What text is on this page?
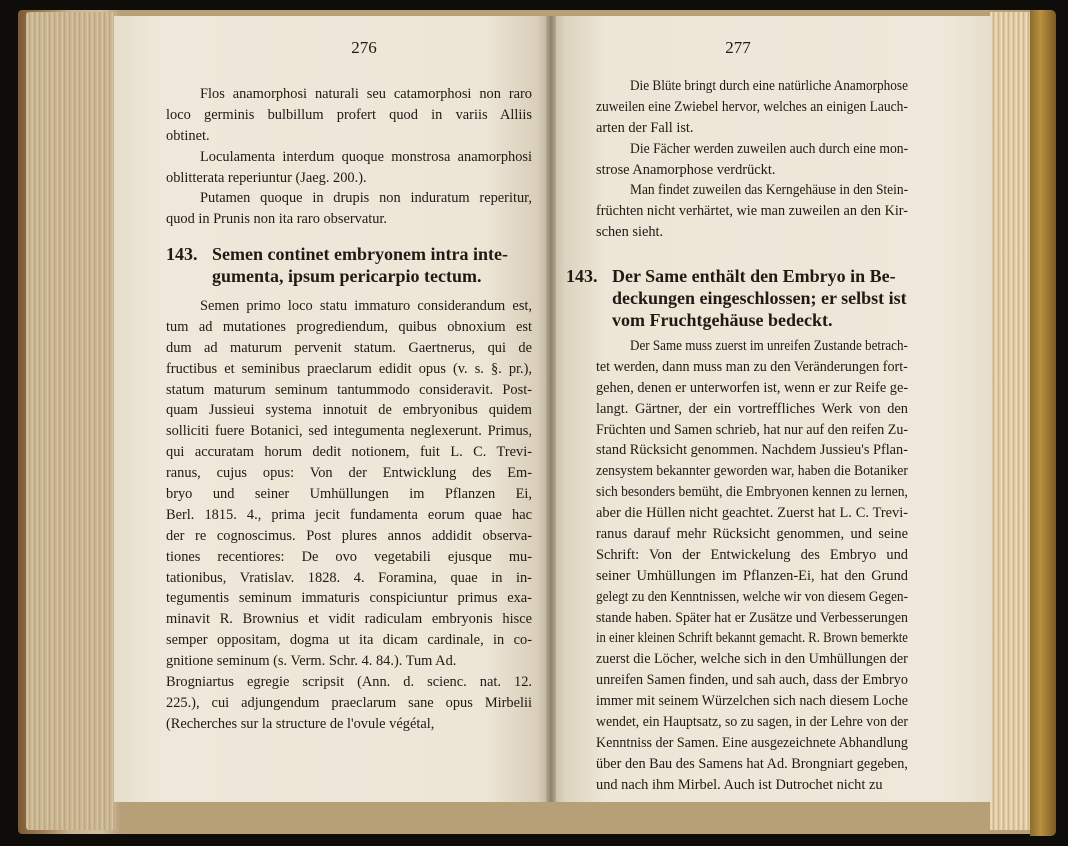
276
Flos anamorphosi naturali seu catamorphosi non raro
loco germinis bulbillum profert quod in variis Alliis
obtinet.
Loculamenta interdum quoque monstrosa anamorphosi
oblitterata reperiuntur (Jaeg. 200.).
Putamen quoque in drupis non induratum reperitur,
quod in Prunis non ita raro observatur.
143. Semen continet embryonem intra inte-
gumenta, ipsum pericarpio tectum.
Semen primo loco statu immaturo considerandum est,
tum ad mutationes progrediendum, quibus obnoxium est
dum ad maturum pervenit statum. Gaertnerus, qui de
fructibus et seminibus praeclarum edidit opus (v. s. §. pr.),
statum maturum seminum tantummodo consideravit. Post-
quam Jussieui systema innotuit de embryonibus quidem
solliciti fuere Botanici, sed integumenta neglexerunt. Primus,
qui accuratam horum dedit notionem, fuit L. C. Trevi-
ranus, cujus opus: Von der Entwicklung des Em-
bryo und seiner Umhüllungen im Pflanzen Ei,
Berl. 1815. 4., prima jecit fundamenta eorum quae hac
der re cognoscimus. Post plures annos addidit observa-
tiones recentiores: De ovo vegetabili ejusque mu-
tationibus, Vratislav. 1828. 4. Foramina, quae in in-
tegumentis seminum immaturis conspiciuntur primus exa-
minavit R. Brownius et vidit radiculam embryonis hisce
semper oppositam, dogma ut ita dicam cardinale, in co-
gnitione seminum (s. Verm. Schr. 4. 84.). Tum Ad.
Brogniartus egregie scripsit (Ann. d. scienc. nat. 12.
225.), cui adjungendum praeclarum sane opus Mirbelii
(Recherches sur la structure de l'ovule végétal,
277
Die Blüte bringt durch eine natürliche Anamorphose
zuweilen eine Zwiebel hervor, welches an einigen Lauch-
arten der Fall ist.
Die Fächer werden zuweilen auch durch eine mon-
strose Anamorphose verdrückt.
Man findet zuweilen das Kerngehäuse in den Stein-
früchten nicht verhärtet, wie man zuweilen an den Kir-
schen sieht.
143. Der Same enthält den Embryo in Be-
deckungen eingeschlossen; er selbst ist
vom Fruchtgehäuse bedeckt.
Der Same muss zuerst im unreifen Zustande betrach-
tet werden, dann muss man zu den Veränderungen fort-
gehen, denen er unterworfen ist, wenn er zur Reife ge-
langt. Gärtner, der ein vortreffliches Werk von den
Früchten und Samen schrieb, hat nur auf den reifen Zu-
stand Rücksicht genommen. Nachdem Jussieu's Pflan-
zensystem bekannter geworden war, haben die Botaniker
sich besonders bemüht, die Embryonen kennen zu lernen,
aber die Hüllen nicht geachtet. Zuerst hat L. C. Trevi-
ranus darauf mehr Rücksicht genommen, und seine
Schrift: Von der Entwickelung des Embryo und
seiner Umhüllungen im Pflanzen-Ei, hat den Grund
gelegt zu den Kenntnissen, welche wir von diesem Gegen-
stande haben. Später hat er Zusätze und Verbesserungen
in einer kleinen Schrift bekannt gemacht. R. Brown bemerkte
zuerst die Löcher, welche sich in den Umhüllungen der
unreifen Samen finden, und sah auch, dass der Embryo
immer mit seinem Würzelchen sich nach diesem Loche
wendet, ein Hauptsatz, so zu sagen, in der Lehre von der
Kenntniss der Samen. Eine ausgezeichnete Abhandlung
über den Bau des Samens hat Ad. Brongniart gegeben,
und nach ihm Mirbel. Auch ist Dutrochet nicht zu
